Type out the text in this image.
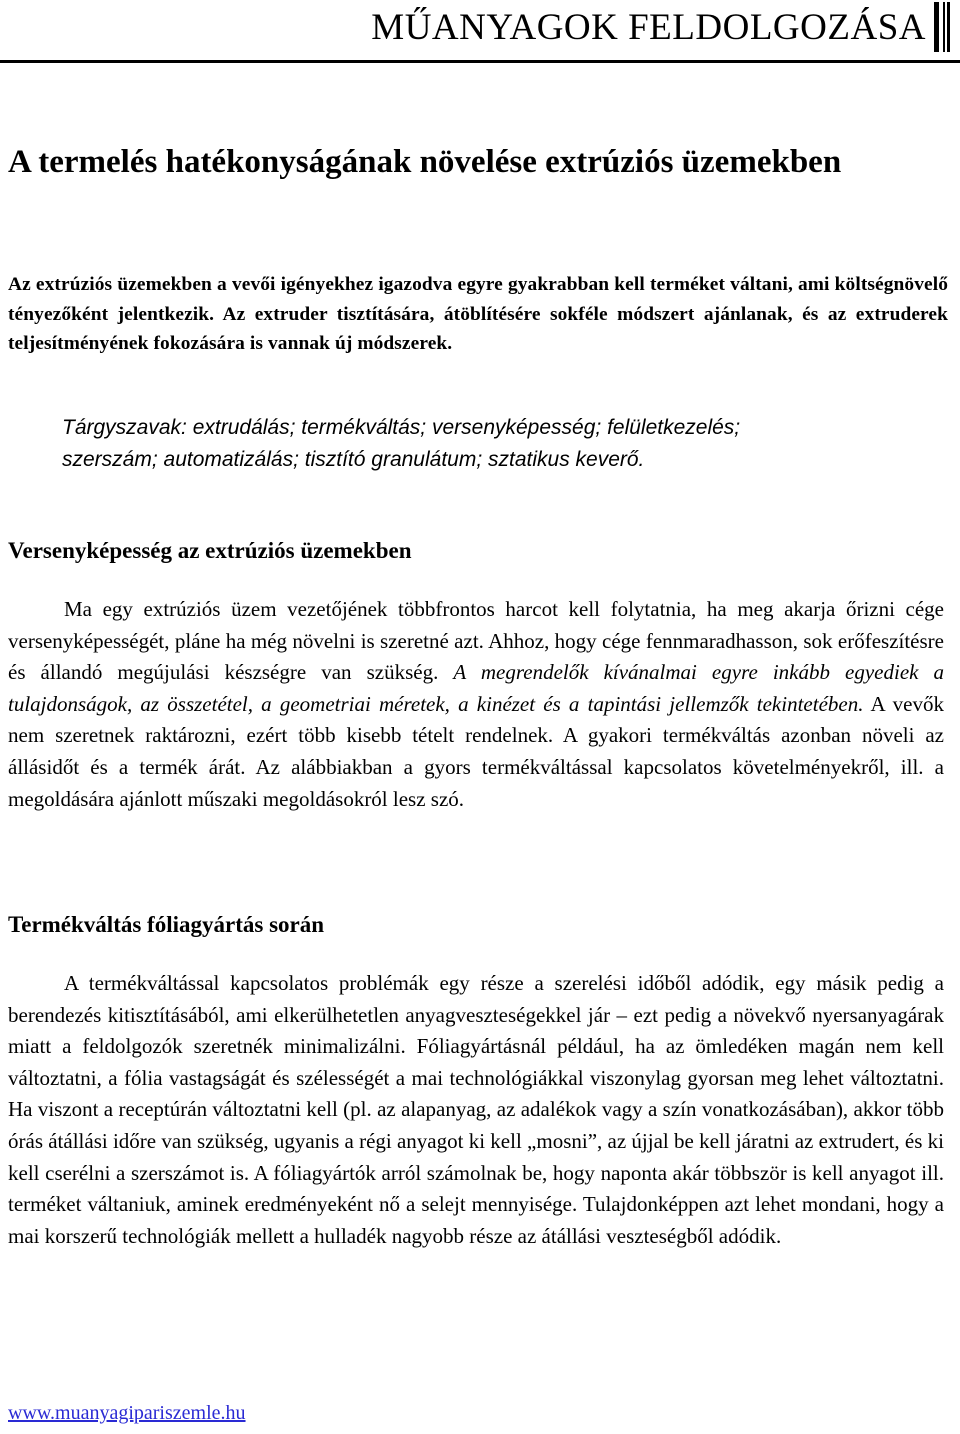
MŰANYAGOK FELDOLGOZÁSA
A termelés hatékonyságának növelése extrúziós üzemekben

Az extrúziós üzemekben a vevői igényekhez igazodva egyre gyakrabban kell terméket váltani, ami költségnövelő tényezőként jelentkezik. Az extruder tisztítására, átöblítésére sokféle módszert ajánlanak, és az extruderek teljesítményének fokozására is vannak új módszerek.

Tárgyszavak: extrudálás; termékváltás; versenyképesség; felületkezelés;
szerszám; automatizálás; tisztító granulátum; sztatikus keverő.

Versenyképesség az extrúziós üzemekben

Ma egy extrúziós üzem vezetőjének többfrontos harcot kell folytatnia, ha meg akarja őrizni cége versenyképességét, pláne ha még növelni is szeretné azt. Ahhoz, hogy cége fennmaradhasson, sok erőfeszítésre és állandó megújulási készségre van szükség. A megrendelők kívánalmai egyre inkább egyediek a tulajdonságok, az összetétel, a geometriai méretek, a kinézet és a tapintási jellemzők tekintetében. A vevők nem szeretnek raktározni, ezért több kisebb tételt rendelnek. A gyakori termékváltás azonban növeli az állásidőt és a termék árát. Az alábbiakban a gyors termékváltással kapcsolatos követelményekről, ill. a megoldására ajánlott műszaki megoldásokról lesz szó.

Termékváltás fóliagyártás során

A termékváltással kapcsolatos problémák egy része a szerelési időből adódik, egy másik pedig a berendezés kitisztításából, ami elkerülhetetlen anyagveszteségekkel jár – ezt pedig a növekvő nyersanyagárak miatt a feldolgozók szeretnék minimalizálni. Fóliagyártásnál például, ha az ömledéken magán nem kell változtatni, a fólia vastagságát és szélességét a mai technológiákkal viszonylag gyorsan meg lehet változtatni. Ha viszont a receptúrán változtatni kell (pl. az alapanyag, az adalékok vagy a szín vonatkozásában), akkor több órás átállási időre van szükség, ugyanis a régi anyagot ki kell „mosni”, az újjal be kell járatni az extrudert, és ki kell cserélni a szerszámot is. A fóliagyártók arról számolnak be, hogy naponta akár többször is kell anyagot ill. terméket váltaniuk, aminek eredményeként nő a selejt mennyisége. Tulajdonképpen azt lehet mondani, hogy a mai korszerű technológiák mellett a hulladék nagyobb része az átállási veszteségből adódik.

www.muanyagipariszemle.hu
